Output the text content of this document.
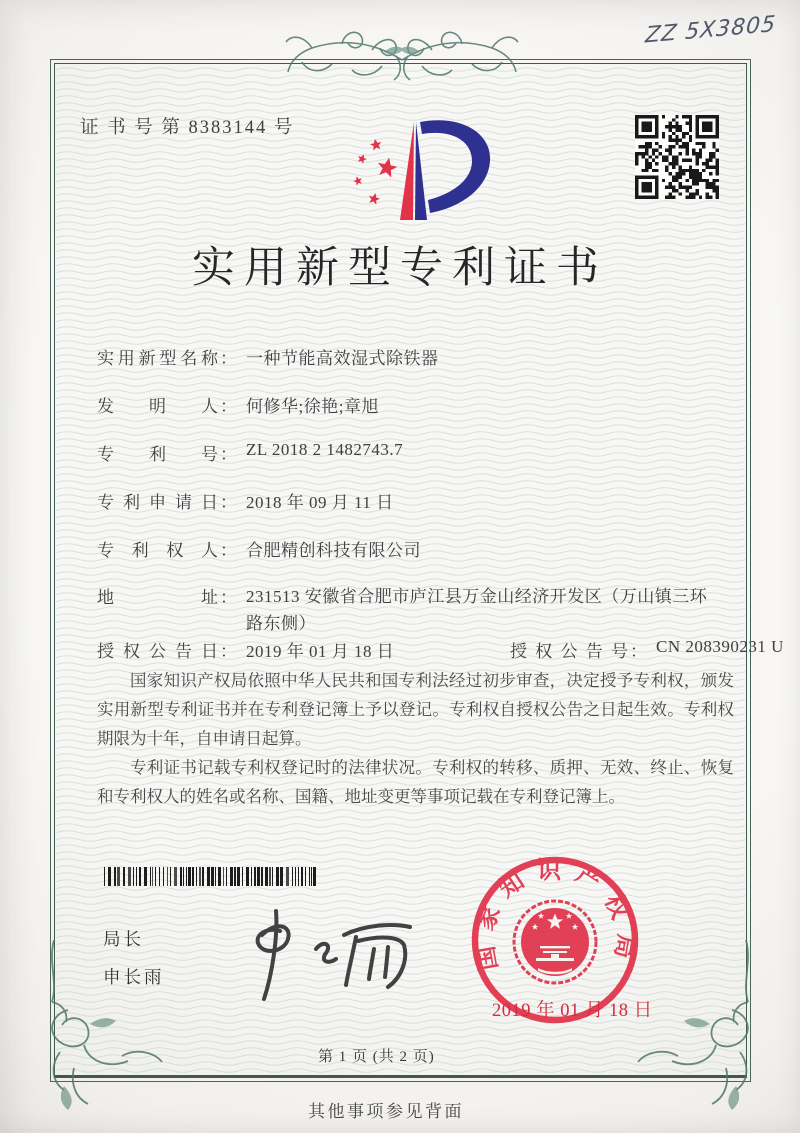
ZZ 5X3805
证 书 号 第 8383144 号
实用新型专利证书
实用新型名称 ： 一种节能高效湿式除铁器
发明人 ： 何修华;徐艳;章旭
专利号 ： ZL 2018 2 1482743.7
专利申请日 ： 2018 年 09 月 11 日
专利权人 ： 合肥精创科技有限公司
地址 ： 231513 安徽省合肥市庐江县万金山经济开发区（万山镇三环路东侧）
授权公告日 ： 2019 年 01 月 18 日	授权公告号 ： CN 208390231 U

国家知识产权局依照中华人民共和国专利法经过初步审查，决定授予专利权，颁发实用新型专利证书并在专利登记簿上予以登记。专利权自授权公告之日起生效。专利权期限为十年，自申请日起算。

专利证书记载专利权登记时的法律状况。专利权的转移、质押、无效、终止、恢复和专利权人的姓名或名称、国籍、地址变更等事项记载在专利登记簿上。

局长
申长雨
国家知识产权局
2019 年 01 月 18 日
第 1 页 (共 2 页)
其他事项参见背面
